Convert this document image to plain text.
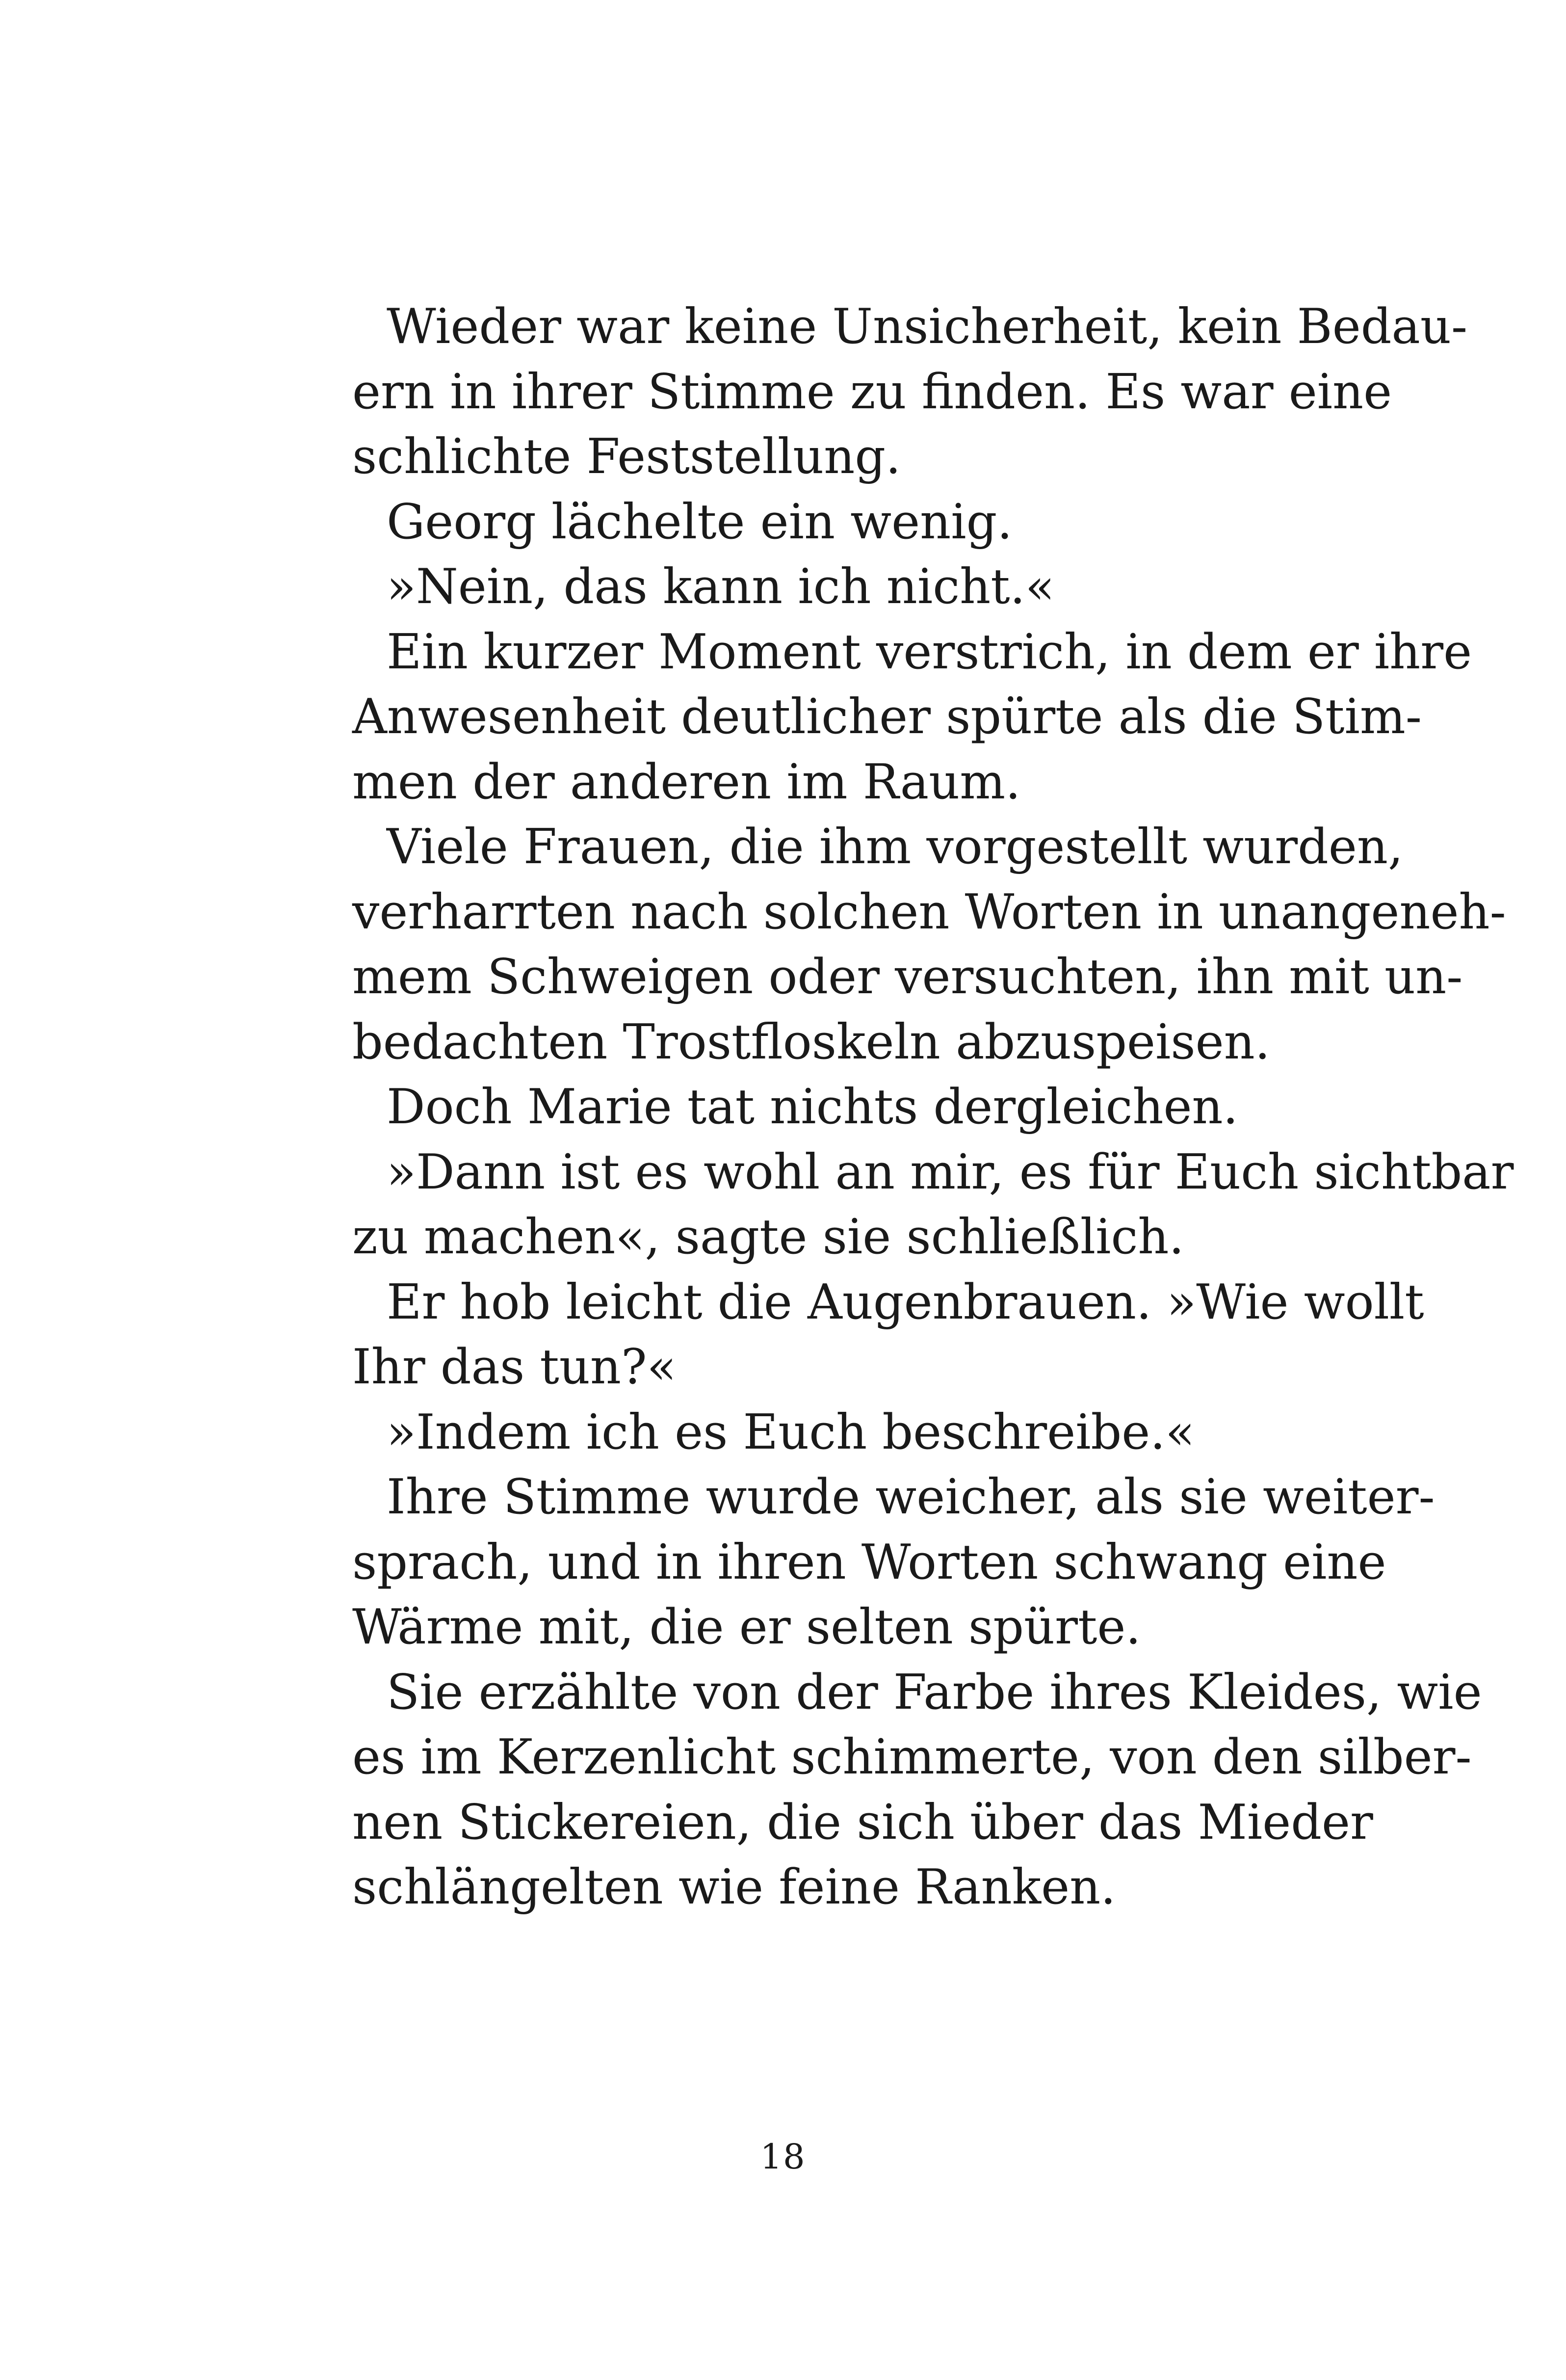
Wieder war keine Unsicherheit, kein Bedau-
ern in ihrer Stimme zu finden. Es war eine
schlichte Feststellung.
Georg lächelte ein wenig.
»Nein, das kann ich nicht.«
Ein kurzer Moment verstrich, in dem er ihre
Anwesenheit deutlicher spürte als die Stim-
men der anderen im Raum.
Viele Frauen, die ihm vorgestellt wurden,
verharrten nach solchen Worten in unangeneh-
mem Schweigen oder versuchten, ihn mit un-
bedachten Trostfloskeln abzuspeisen.
Doch Marie tat nichts dergleichen.
»Dann ist es wohl an mir, es für Euch sichtbar
zu machen«, sagte sie schließlich.
Er hob leicht die Augenbrauen. »Wie wollt
Ihr das tun?«
»Indem ich es Euch beschreibe.«
Ihre Stimme wurde weicher, als sie weiter-
sprach, und in ihren Worten schwang eine
Wärme mit, die er selten spürte.
Sie erzählte von der Farbe ihres Kleides, wie
es im Kerzenlicht schimmerte, von den silber-
nen Stickereien, die sich über das Mieder
schlängelten wie feine Ranken.
18
